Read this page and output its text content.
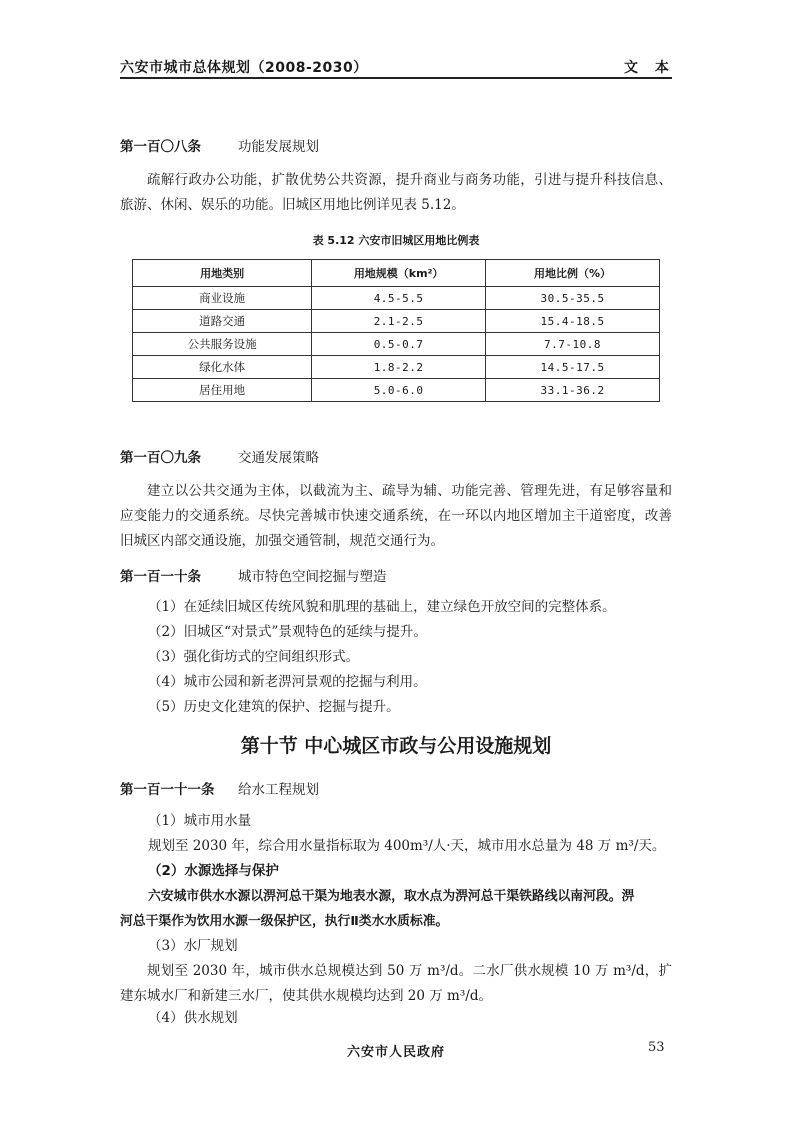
六安市城市总体规划（2008-2030）	文 本
第一百〇八条	功能发展规划
疏解行政办公功能，扩散优势公共资源，提升商业与商务功能，引进与提升科技信息、旅游、休闲、娱乐的功能。旧城区用地比例详见表 5.12。
表 5.12 六安市旧城区用地比例表
用地类别	用地规模（km²）	用地比例（%）
商业设施	4.5-5.5	30.5-35.5
道路交通	2.1-2.5	15.4-18.5
公共服务设施	0.5-0.7	7.7-10.8
绿化水体	1.8-2.2	14.5-17.5
居住用地	5.0-6.0	33.1-36.2
第一百〇九条	交通发展策略
建立以公共交通为主体，以截流为主、疏导为辅、功能完善、管理先进，有足够容量和应变能力的交通系统。尽快完善城市快速交通系统，在一环以内地区增加主干道密度，改善旧城区内部交通设施，加强交通管制，规范交通行为。
第一百一十条	城市特色空间挖掘与塑造
（1）在延续旧城区传统风貌和肌理的基础上，建立绿色开放空间的完整体系。
（2）旧城区“对景式”景观特色的延续与提升。
（3）强化街坊式的空间组织形式。
（4）城市公园和新老淠河景观的挖掘与利用。
（5）历史文化建筑的保护、挖掘与提升。
第十节 中心城区市政与公用设施规划
第一百一十一条 给水工程规划
（1）城市用水量
规划至 2030 年，综合用水量指标取为 400m³/人·天，城市用水总量为 48 万 m³/天。
（2）水源选择与保护
六安城市供水水源以淠河总干渠为地表水源，取水点为淠河总干渠铁路线以南河段。淠
河总干渠作为饮用水源一级保护区，执行Ⅱ类水水质标准。
（3）水厂规划
规划至 2030 年，城市供水总规模达到 50 万 m³/d。二水厂供水规模 10 万 m³/d，扩建东城水厂和新建三水厂，使其供水规模均达到 20 万 m³/d。
（4）供水规划
六安市人民政府	53
